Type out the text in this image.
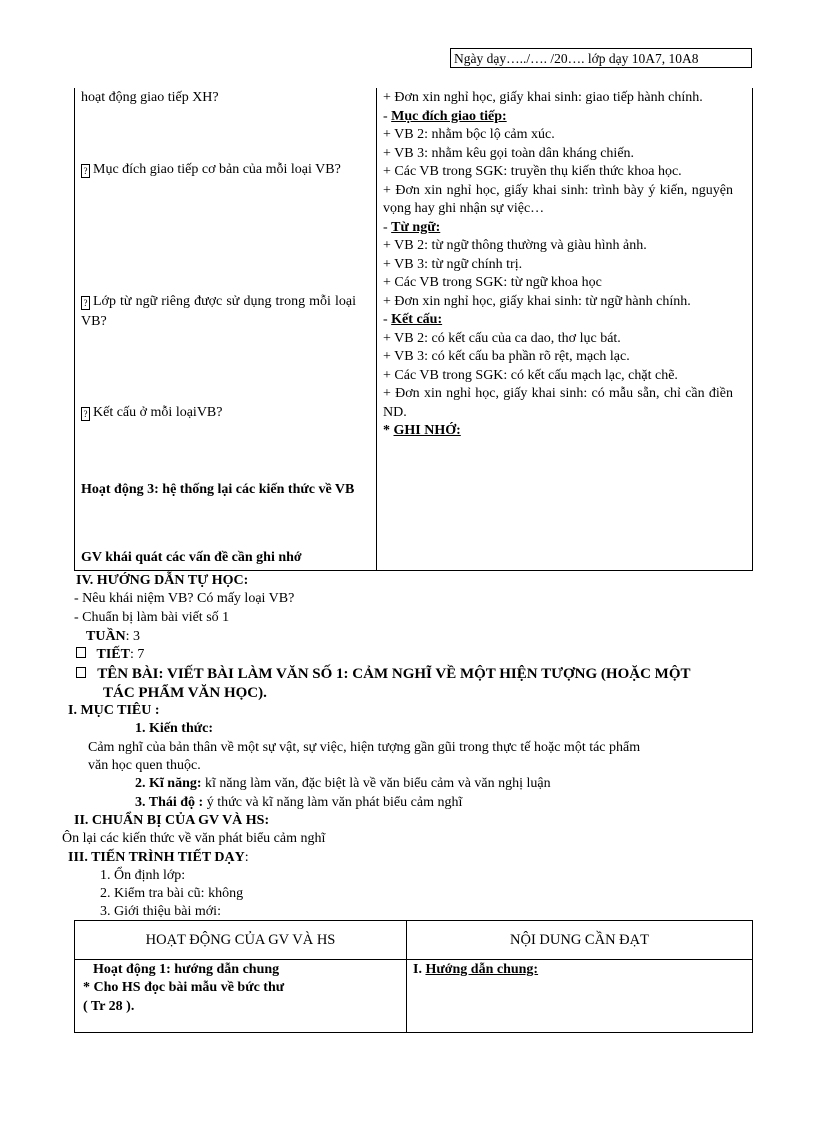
Ngày dạy…../…. /20…. lớp dạy 10A7, 10A8
hoạt động giao tiếp XH?
? Mục đích giao tiếp cơ bản của mỗi loại VB?
? Lớp từ ngữ riêng được sử dụng trong mỗi loại VB?
? Kết cấu ở mỗi loạiVB?
Hoạt động 3: hệ thống lại các kiến thức về VB
GV khái quát các vấn đề cần ghi nhớ
+ Đơn xin nghỉ học, giấy khai sinh: giao tiếp hành chính.
- Mục đích giao tiếp:
+ VB 2: nhằm bộc lộ cảm xúc.
+ VB 3: nhằm kêu gọi toàn dân kháng chiến.
+ Các VB trong SGK: truyền thụ kiến thức khoa học.
+ Đơn xin nghỉ học, giấy khai sinh: trình bày ý kiến, nguyện vọng hay ghi nhận sự việc…
- Từ ngữ:
+ VB 2: từ ngữ thông thường và giàu hình ảnh.
+ VB 3: từ ngữ chính trị.
+ Các VB trong SGK: từ ngữ khoa học
+ Đơn xin nghỉ học, giấy khai sinh: từ ngữ hành chính.
- Kết cấu:
+ VB 2: có kết cấu của ca dao, thơ lục bát.
+ VB 3: có kết cấu ba phần rõ rệt, mạch lạc.
+ Các VB trong SGK: có kết cấu mạch lạc, chặt chẽ.
+ Đơn xin nghỉ học, giấy khai sinh: có mẫu sẵn, chỉ cần điền ND.
* GHI NHỚ:
IV. HƯỚNG DẪN TỰ HỌC:
- Nêu khái niệm VB? Có mấy loại VB?
- Chuẩn bị làm bài viết số 1
TUẦN: 3
TIẾT: 7
TÊN BÀI: VIẾT BÀI LÀM VĂN SỐ 1: CẢM NGHĨ VỀ MỘT HIỆN TƯỢNG (HOẶC MỘT
TÁC PHẨM VĂN HỌC).
I. MỤC TIÊU :
1. Kiến thức:
Cảm nghĩ của bản thân về một sự vật, sự việc, hiện tượng gần gũi trong thực tế hoặc một tác phẩm
văn học quen thuộc.
2. Kĩ năng: kĩ năng làm văn, đặc biệt là về văn biểu cảm và văn nghị luận
3. Thái độ : ý thức và kĩ năng làm văn phát biểu cảm nghĩ
II. CHUẨN BỊ CỦA GV VÀ HS:
Ôn lại các kiến thức về văn phát biểu cảm nghĩ
III. TIẾN TRÌNH TIẾT DẠY:
1. Ổn định lớp:
2. Kiểm tra bài cũ: không
3. Giới thiệu bài mới:
HOẠT ĐỘNG CỦA GV VÀ HS	NỘI DUNG CẦN ĐẠT
Hoạt động 1: hướng dẫn chung
* Cho HS đọc bài mẫu về bức thư
( Tr 28 ).
I. Hướng dẫn chung:
